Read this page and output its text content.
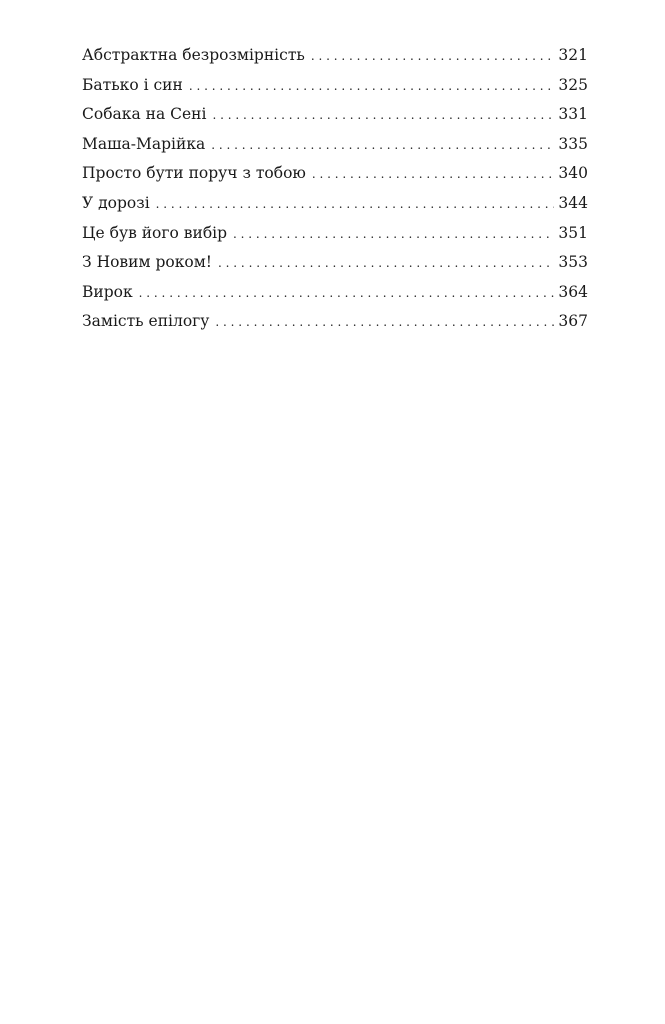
Абстрактна безрозмірність . . .	321
Батько і син . . .	325
Собака на Сені . . .	331
Маша-Марійка . . .	335
Просто бути поруч з тобою . . .	340
У дорозі . . .	344
Це був його вибір . . .	351
З Новим роком! . . .	353
Вирок . . .	364
Замість епілогу . . .	367
